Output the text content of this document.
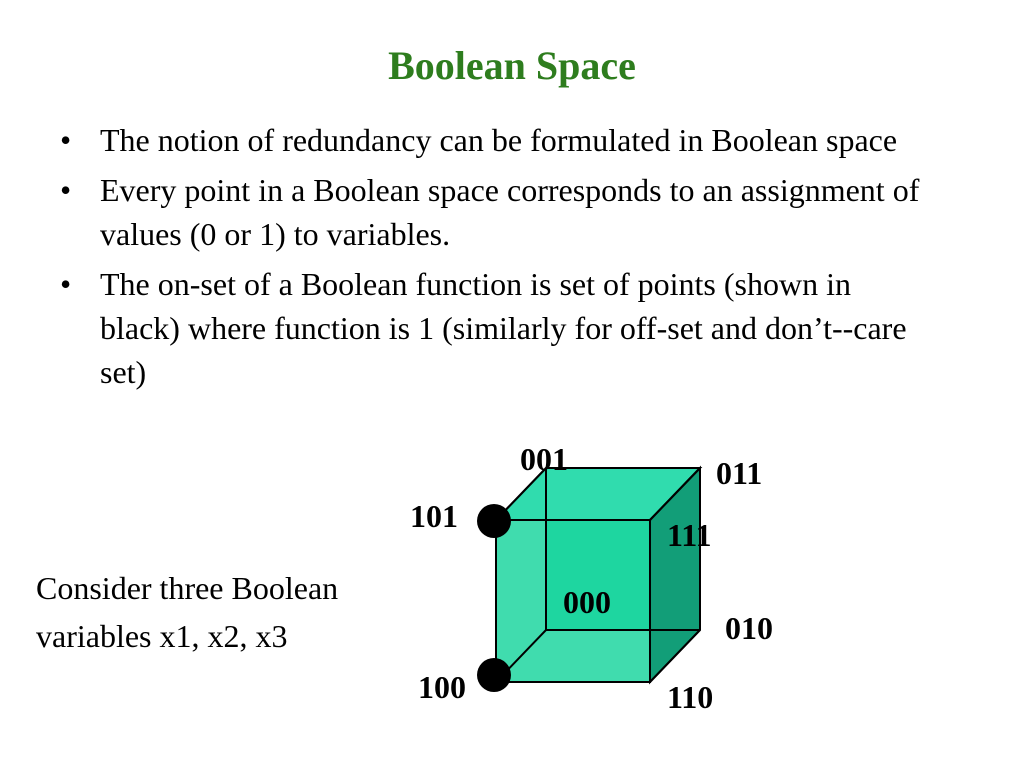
Boolean Space
• The notion of redundancy can be formulated in Boolean space
• Every point in a Boolean space corresponds to an assignment of values (0 or 1) to variables.
• The on-set of a Boolean function is set of points (shown in black) where function is 1 (similarly for off-set and don’t--care set)
Consider three Boolean variables x1, x2, x3
001	011
101
111
000
010
100	110
